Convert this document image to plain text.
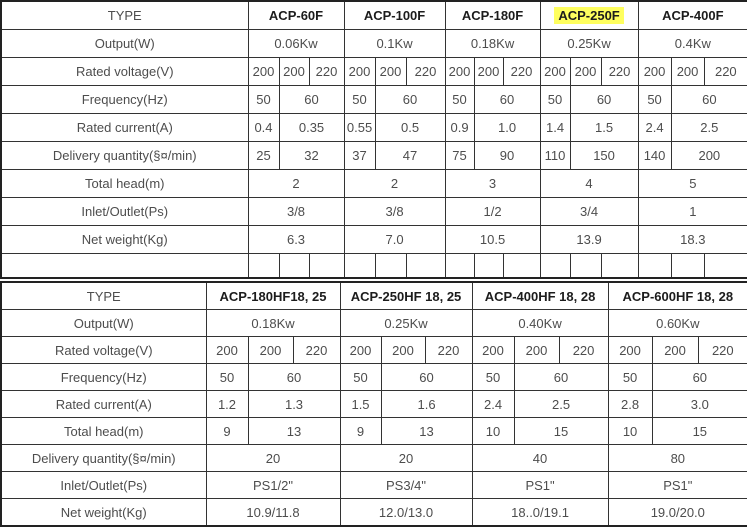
TYPE	ACP-60F			ACP-100F			ACP-180F			ACP-250F			ACP-400F		
Output(W)	0.06Kw			0.1Kw			0.18Kw			0.25Kw			0.4Kw		
Rated voltage(V)	200	200	220	200	200	220	200	200	220	200	200	220	200	200	220
Frequency(Hz)	50	60		50	60		50	60		50	60		50	60	
Rated current(A)	0.4	0.35		0.55	0.5		0.9	1.0		1.4	1.5		2.4	2.5	
Delivery quantity(§¤/min)	25	32		37	47		75	90		110	150		140	200	
Total head(m)	2			2			3			4			5		
Inlet/Outlet(Ps)	3/8			3/8			1/2			3/4			1		
Net weight(Kg)	6.3			7.0			10.5			13.9			18.3		

TYPE	ACP-180HF18, 25			ACP-250HF 18, 25			ACP-400HF 18, 28			ACP-600HF 18, 28		
Output(W)	0.18Kw			0.25Kw			0.40Kw			0.60Kw		
Rated voltage(V)	200	200	220	200	200	220	200	200	220	200	200	220
Frequency(Hz)	50	60		50	60		50	60		50	60	
Rated current(A)	1.2	1.3		1.5	1.6		2.4	2.5		2.8	3.0	
Total head(m)	9	13		9	13		10	15		10	15	
Delivery quantity(§¤/min)	20			20			40			80		
Inlet/Outlet(Ps)	PS1/2"			PS3/4"			PS1"			PS1"		
Net weight(Kg)	10.9/11.8			12.0/13.0			18..0/19.1			19.0/20.0		
